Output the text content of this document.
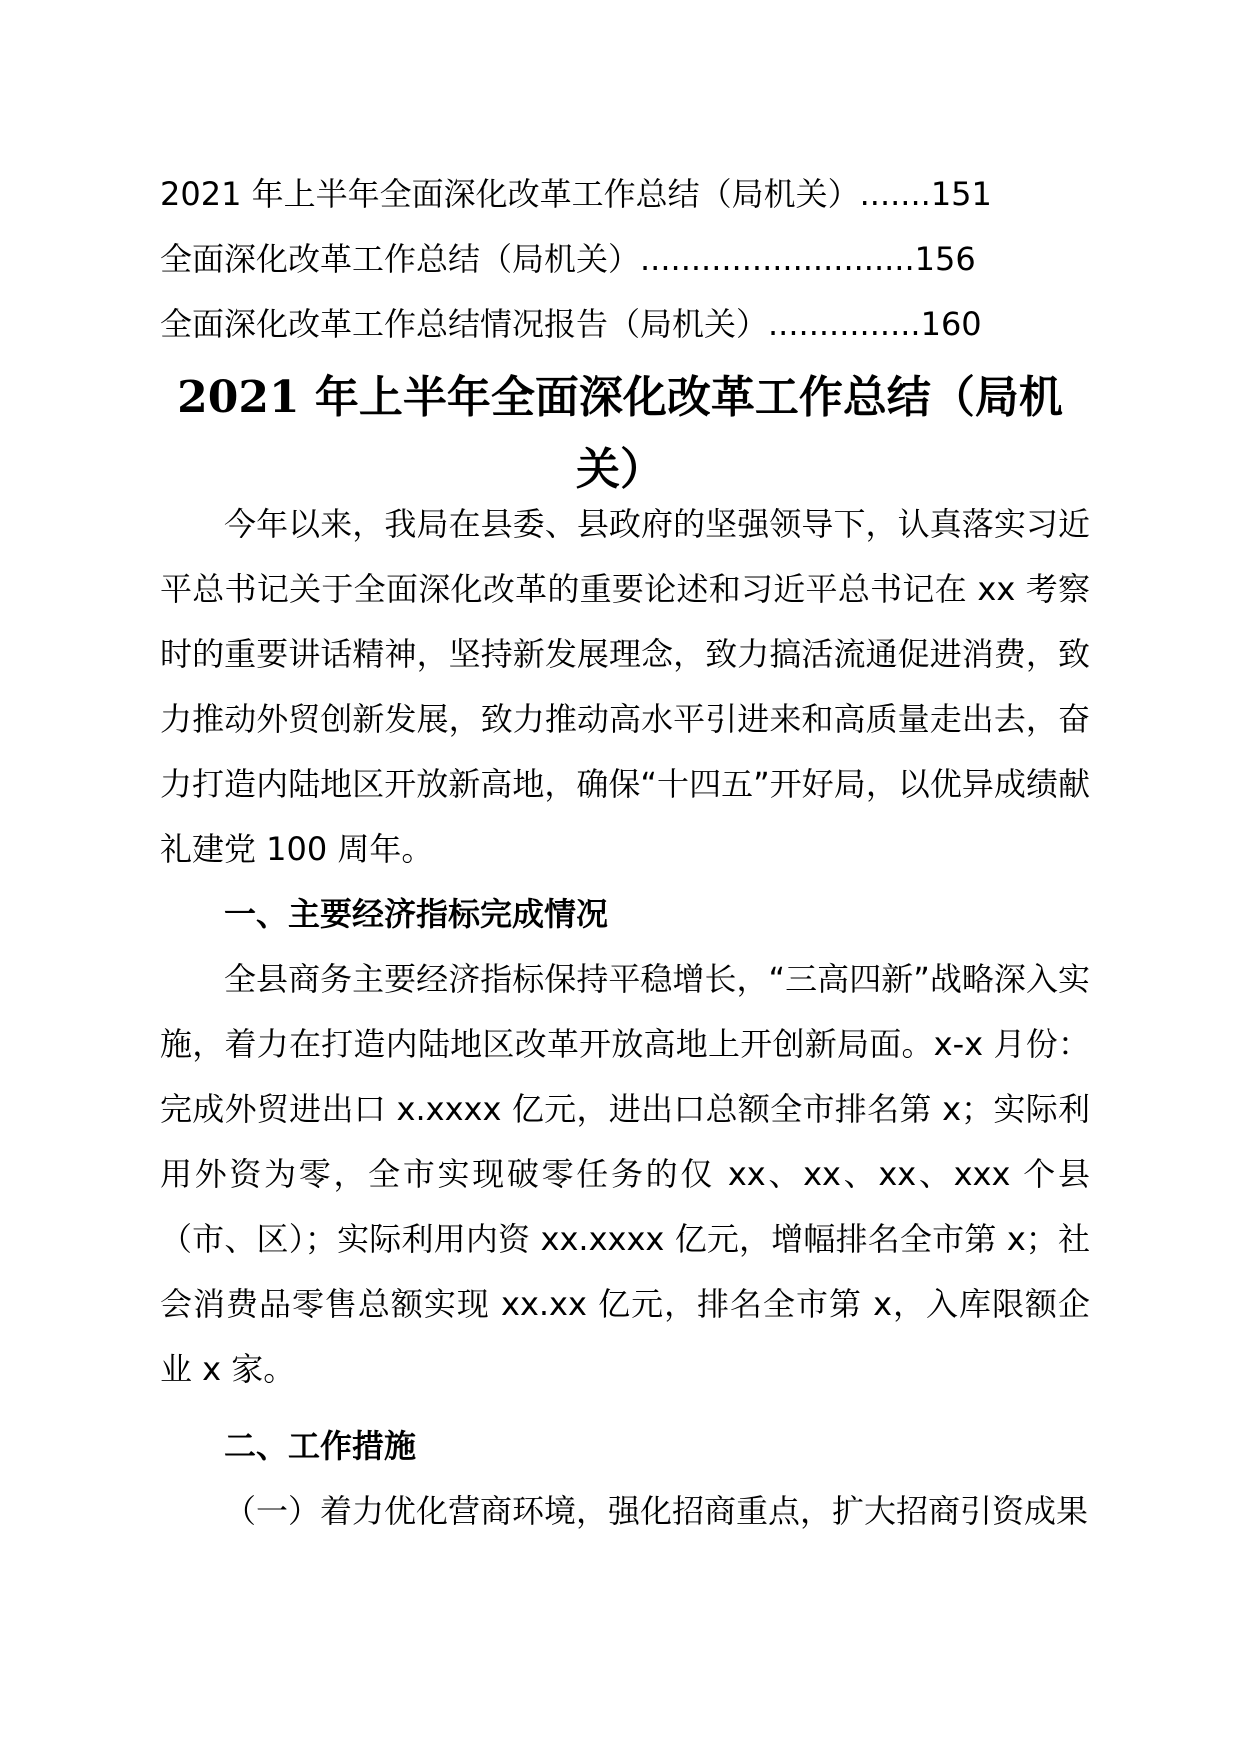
2021 年上半年全面深化改革工作总结（局机关）.......151
全面深化改革工作总结（局机关）...........................156
全面深化改革工作总结情况报告（局机关）...............160
2021 年上半年全面深化改革工作总结（局机关）

今年以来，我局在县委、县政府的坚强领导下，认真落实习近平总书记关于全面深化改革的重要论述和习近平总书记在 xx 考察时的重要讲话精神，坚持新发展理念，致力搞活流通促进消费，致力推动外贸创新发展，致力推动高水平引进来和高质量走出去，奋力打造内陆地区开放新高地，确保“十四五”开好局，以优异成绩献礼建党 100 周年。

一、主要经济指标完成情况

全县商务主要经济指标保持平稳增长，“三高四新”战略深入实施，着力在打造内陆地区改革开放高地上开创新局面。x-x 月份：完成外贸进出口 x.xxxx 亿元，进出口总额全市排名第 x；实际利用外资为零，全市实现破零任务的仅 xx、xx、xx、xxx 个县（市、区）；实际利用内资 xx.xxxx 亿元，增幅排名全市第 x；社会消费品零售总额实现 xx.xx 亿元，排名全市第 x，入库限额企业 x 家。

二、工作措施

（一）着力优化营商环境，强化招商重点，扩大招商引资成果
